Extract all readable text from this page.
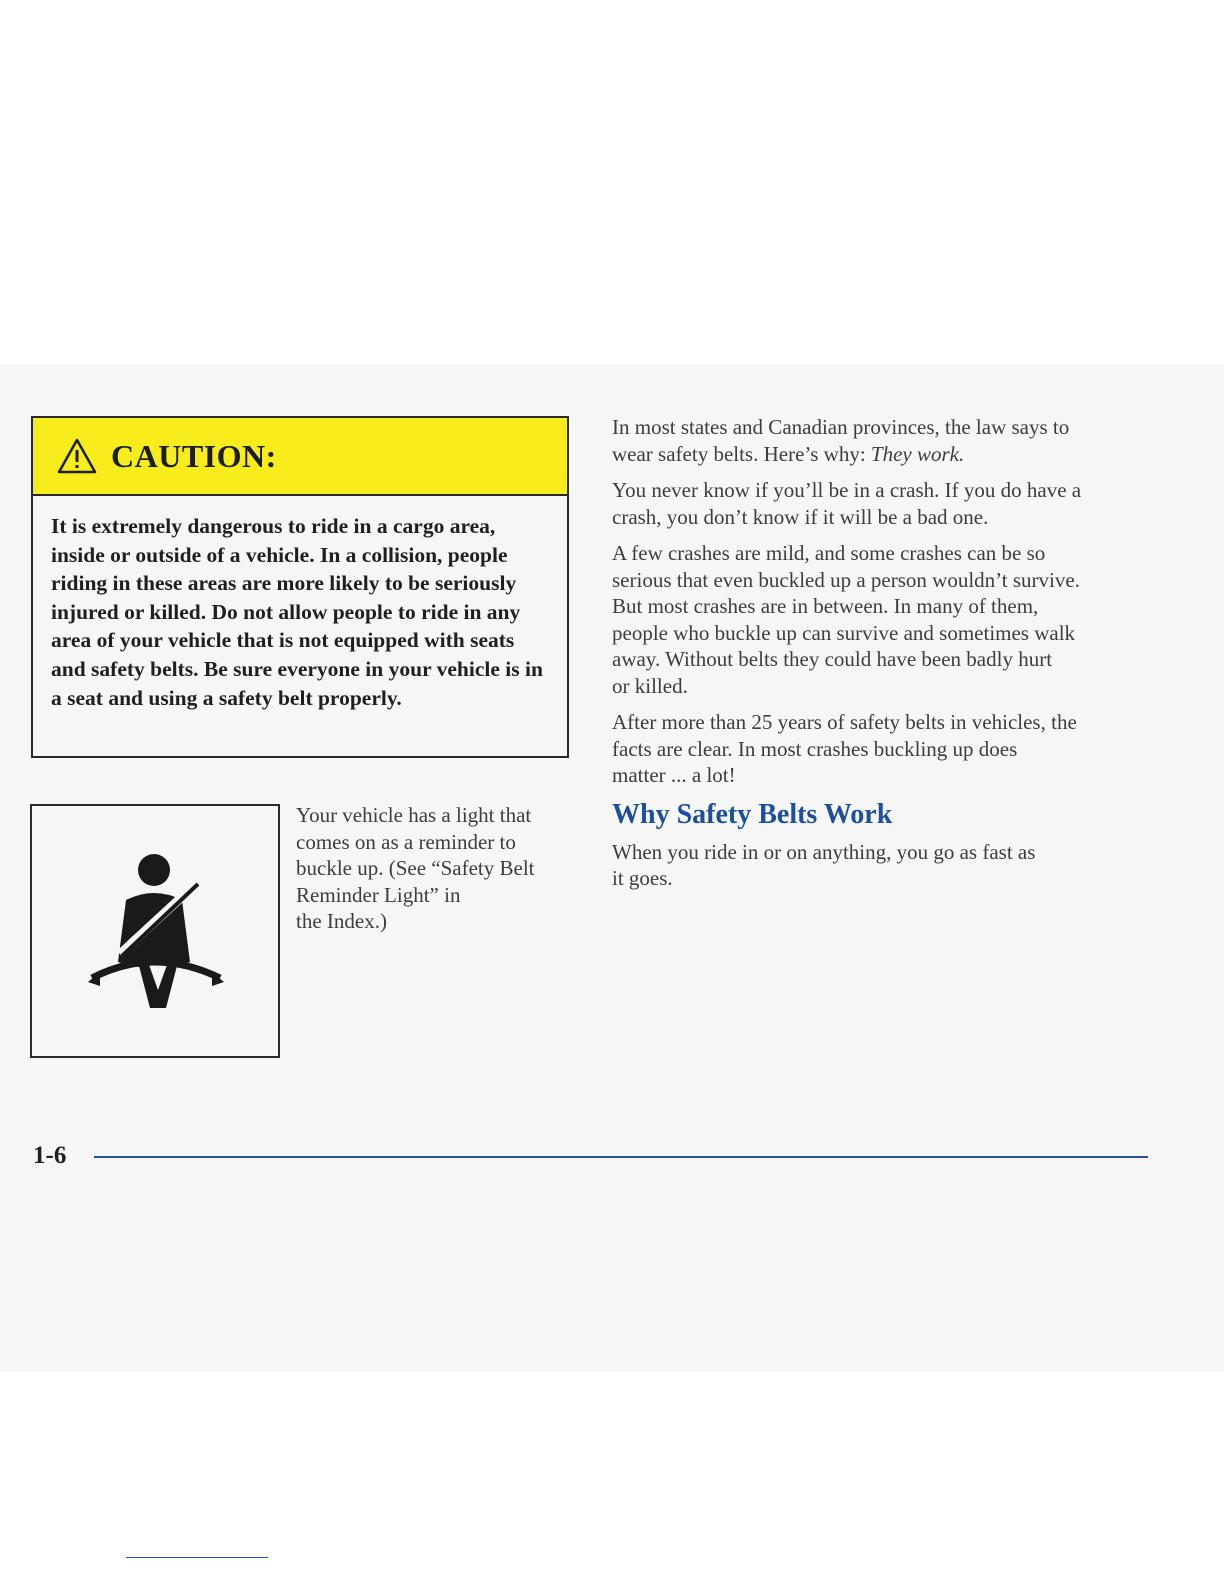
CAUTION:
It is extremely dangerous to ride in a cargo area, inside or outside of a vehicle. In a collision, people riding in these areas are more likely to be seriously injured or killed. Do not allow people to ride in any area of your vehicle that is not equipped with seats and safety belts. Be sure everyone in your vehicle is in a seat and using a safety belt properly.
Your vehicle has a light that
comes on as a reminder to
buckle up. (See “Safety Belt
Reminder Light” in
the Index.)

In most states and Canadian provinces, the law says to
wear safety belts. Here’s why: They work.

You never know if you’ll be in a crash. If you do have a
crash, you don’t know if it will be a bad one.

A few crashes are mild, and some crashes can be so
serious that even buckled up a person wouldn’t survive.
But most crashes are in between. In many of them,
people who buckle up can survive and sometimes walk
away. Without belts they could have been badly hurt
or killed.

After more than 25 years of safety belts in vehicles, the
facts are clear. In most crashes buckling up does
matter ... a lot!

Why Safety Belts Work

When you ride in or on anything, you go as fast as
it goes.

1-6
